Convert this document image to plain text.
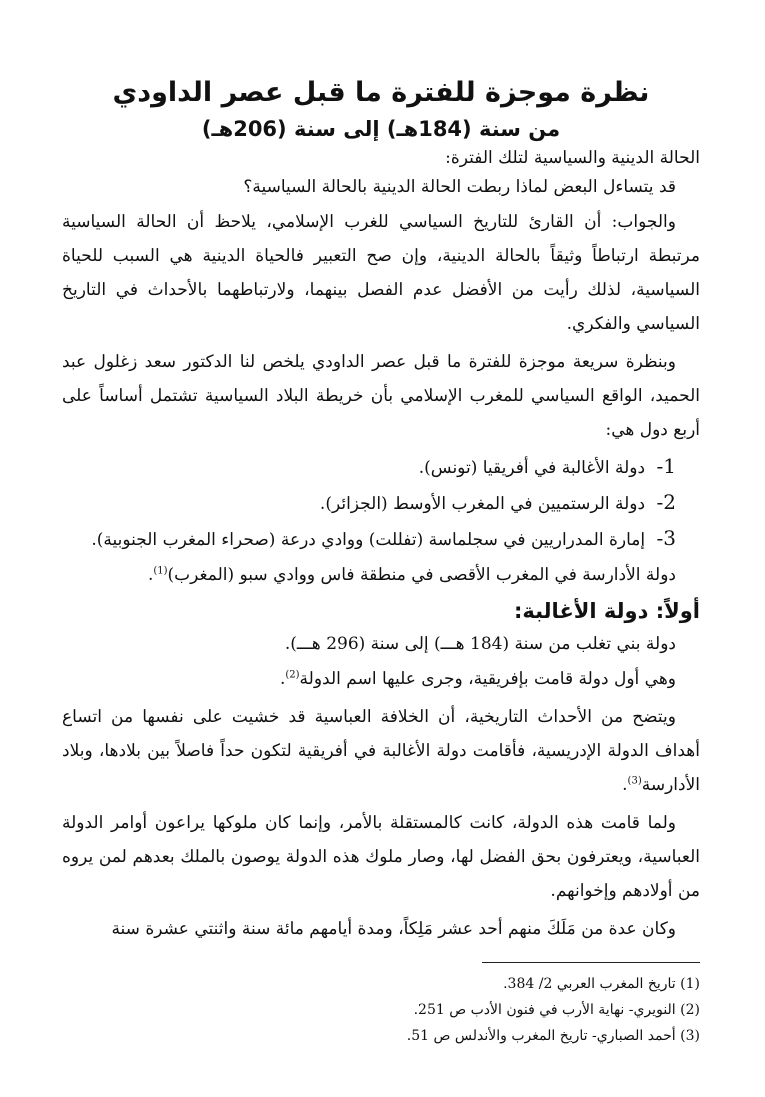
نظرة موجزة للفترة ما قبل عصر الداودي
من سنة (184هـ) إلى سنة (206هـ)

الحالة الدينية والسياسية لتلك الفترة:

قد يتساءل البعض لماذا ربطت الحالة الدينية بالحالة السياسية؟

والجواب: أن القارئ للتاريخ السياسي للغرب الإسلامي، يلاحظ أن الحالة السياسية مرتبطة ارتباطاً وثيقاً بالحالة الدينية، وإن صح التعبير فالحياة الدينية هي السبب للحياة السياسية، لذلك رأيت من الأفضل عدم الفصل بينهما، ولارتباطهما بالأحداث في التاريخ السياسي والفكري.

وبنظرة سريعة موجزة للفترة ما قبل عصر الداودي يلخص لنا الدكتور سعد زغلول عبد الحميد، الواقع السياسي للمغرب الإسلامي بأن خريطة البلاد السياسية تشتمل أساساً على أربع دول هي:

1- دولة الأغالبة في أفريقيا (تونس).
2- دولة الرستميين في المغرب الأوسط (الجزائر).
3- إمارة المدراريين في سجلماسة (تفللت) ووادي درعة (صحراء المغرب الجنوبية).

دولة الأدارسة في المغرب الأقصى في منطقة فاس ووادي سبو (المغرب)$^{(1)}$.

أولاً: دولة الأغالبة:

دولة بني تغلب من سنة (184 هـــ) إلى سنة (296 هـــ).

وهي أول دولة قامت بإفريقية، وجرى عليها اسم الدولة$^{(2)}$.

ويتضح من الأحداث التاريخية، أن الخلافة العباسية قد خشيت على نفسها من اتساع أهداف الدولة الإدريسية، فأقامت دولة الأغالبة في أفريقية لتكون حداً فاصلاً بين بلادها، وبلاد الأدارسة$^{(3)}$.

ولما قامت هذه الدولة، كانت كالمستقلة بالأمر، وإنما كان ملوكها يراعون أوامر الدولة العباسية، ويعترفون بحق الفضل لها، وصار ملوك هذه الدولة يوصون بالملك بعدهم لمن يروه من أولادهم وإخوانهم.

وكان عدة من مَلَكَ منهم أحد عشر مَلِكاً، ومدة أيامهم مائة سنة واثنتي عشرة سنة

(1) تاريخ المغرب العربي 2/ 384.

(2) النويري- نهاية الأرب في فنون الأدب ص 251.

(3) أحمد الصباري- تاريخ المغرب والأندلس ص 51.
